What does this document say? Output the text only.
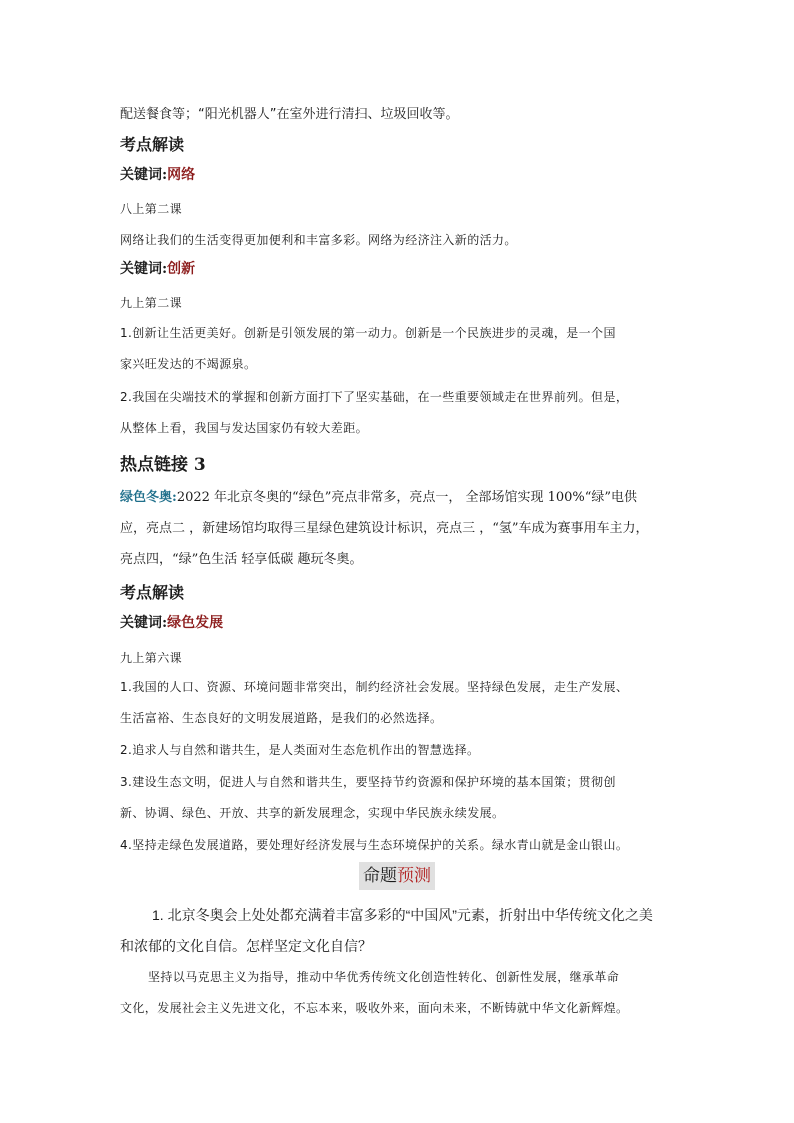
配送餐食等；“阳光机器人”在室外进行清扫、垃圾回收等。
考点解读
关键词:网络
八上第二课
网络让我们的生活变得更加便利和丰富多彩。网络为经济注入新的活力。
关键词:创新
九上第二课
1.创新让生活更美好。创新是引领发展的第一动力。创新是一个民族进步的灵魂，是一个国
家兴旺发达的不竭源泉。
2.我国在尖端技术的掌握和创新方面打下了坚实基础，在一些重要领域走在世界前列。但是，
从整体上看，我国与发达国家仍有较大差距。
热点链接 3
绿色冬奥:2022 年北京冬奥的“绿色”亮点非常多，亮点一， 全部场馆实现 100%“绿”电供
应，亮点二 ，新建场馆均取得三星绿色建筑设计标识，亮点三 ，“氢”车成为赛事用车主力，
亮点四，“绿”色生活 轻享低碳 趣玩冬奥。
考点解读
关键词:绿色发展
九上第六课
1.我国的人口、资源、环境问题非常突出，制约经济社会发展。坚持绿色发展，走生产发展、
生活富裕、生态良好的文明发展道路，是我们的必然选择。
2.追求人与自然和谐共生，是人类面对生态危机作出的智慧选择。
3.建设生态文明，促进人与自然和谐共生，要坚持节约资源和保护环境的基本国策；贯彻创
新、协调、绿色、开放、共享的新发展理念，实现中华民族永续发展。
4.坚持走绿色发展道路，要处理好经济发展与生态环境保护的关系。绿水青山就是金山银山。
命题预测
1. 北京冬奥会上处处都充满着丰富多彩的“中国风”元素，折射出中华传统文化之美
和浓郁的文化自信。怎样坚定文化自信？
坚持以马克思主义为指导，推动中华优秀传统文化创造性转化、创新性发展，继承革命
文化，发展社会主义先进文化，不忘本来，吸收外来，面向未来，不断铸就中华文化新辉煌。
